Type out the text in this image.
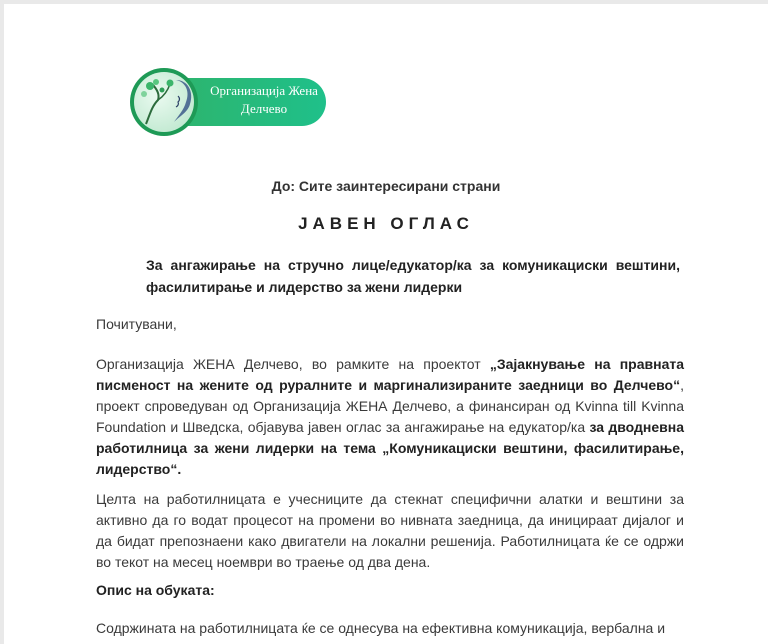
Организација Жена
Делчево
До: Сите заинтересирани страни
ЈАВЕН ОГЛАС
За ангажирање на стручно лице/едукатор/ка за комуникациски вештини, фасилитирање и лидерство за жени лидерки
Почитувани,
Организација ЖЕНА Делчево, во рамките на проектот „Зајакнување на правната писменост на жените од руралните и маргинализираните заедници во Делчево“, проект спроведуван од Организација ЖЕНА Делчево, а финансиран од Kvinna till Kvinna Foundation и Шведска, објавува јавен оглас за ангажирање на едукатор/ка за дводневна работилница за жени лидерки на тема „Комуникациски вештини, фасилитирање, лидерство“.
Целта на работилницата е учесниците да стекнат специфични алатки и вештини за активно да го водат процесот на промени во нивната заедница, да иницираат дијалог и да бидат препознаени како двигатели на локални решенија. Работилницата ќе се одржи во текот на месец ноември во траење од два дена.
Опис на обуката:
Содржината на работилницата ќе се однесува на ефективна комуникација, вербална и
